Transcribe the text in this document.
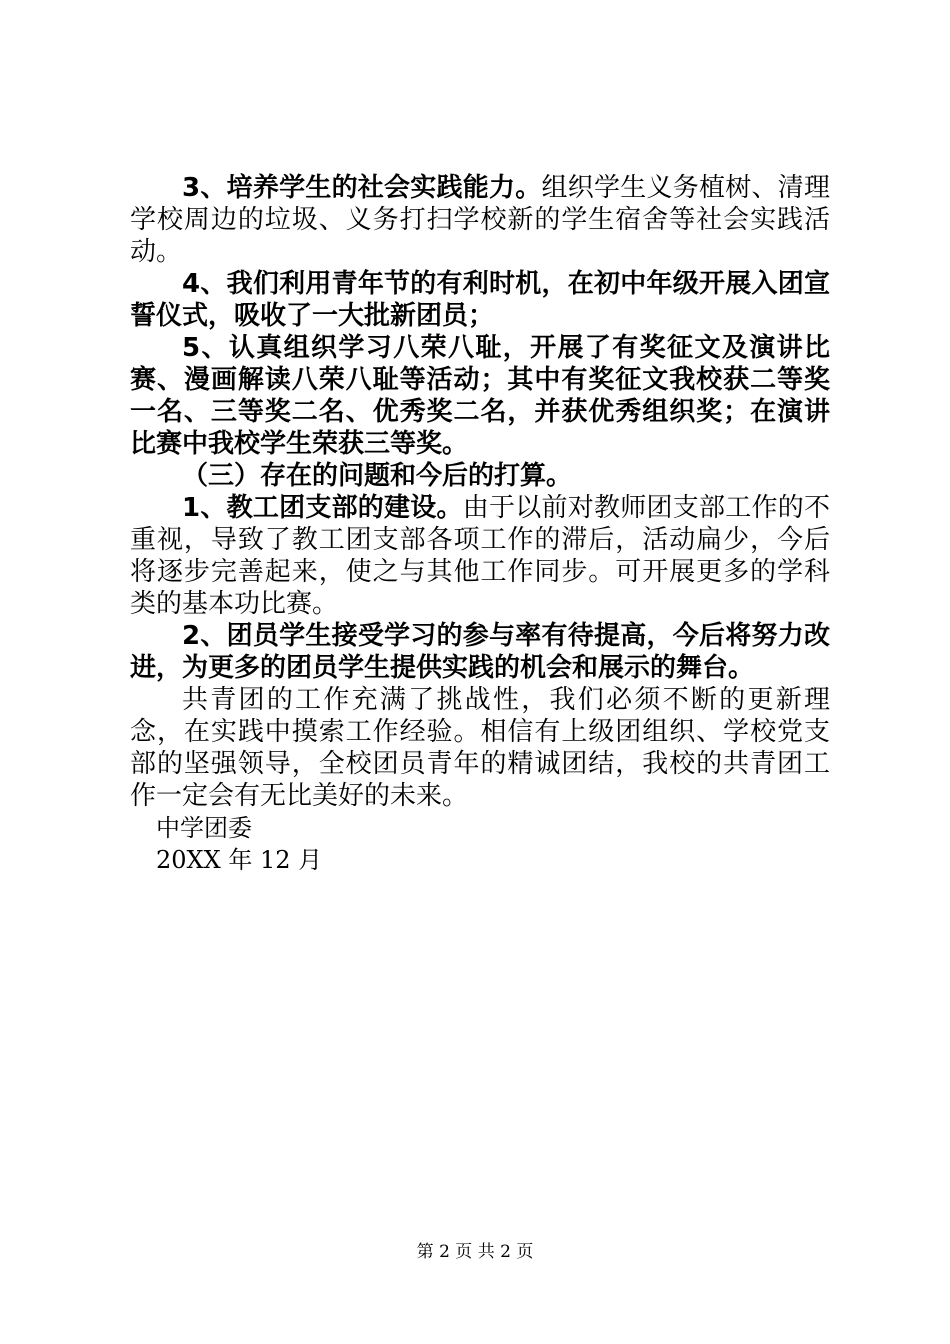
3、培养学生的社会实践能力。组织学生义务植树、清理学校周边的垃圾、义务打扫学校新的学生宿舍等社会实践活动。

4、我们利用青年节的有利时机，在初中年级开展入团宣誓仪式，吸收了一大批新团员；

5、认真组织学习八荣八耻，开展了有奖征文及演讲比赛、漫画解读八荣八耻等活动；其中有奖征文我校获二等奖一名、三等奖二名、优秀奖二名，并获优秀组织奖；在演讲比赛中我校学生荣获三等奖。

（三）存在的问题和今后的打算。

1、教工团支部的建设。由于以前对教师团支部工作的不重视，导致了教工团支部各项工作的滞后，活动扁少，今后将逐步完善起来，使之与其他工作同步。可开展更多的学科类的基本功比赛。

2、团员学生接受学习的参与率有待提高，今后将努力改进，为更多的团员学生提供实践的机会和展示的舞台。

共青团的工作充满了挑战性，我们必须不断的更新理念，在实践中摸索工作经验。相信有上级团组织、学校党支部的坚强领导，全校团员青年的精诚团结，我校的共青团工作一定会有无比美好的未来。

中学团委

20XX 年 12 月

第 2 页 共 2 页
